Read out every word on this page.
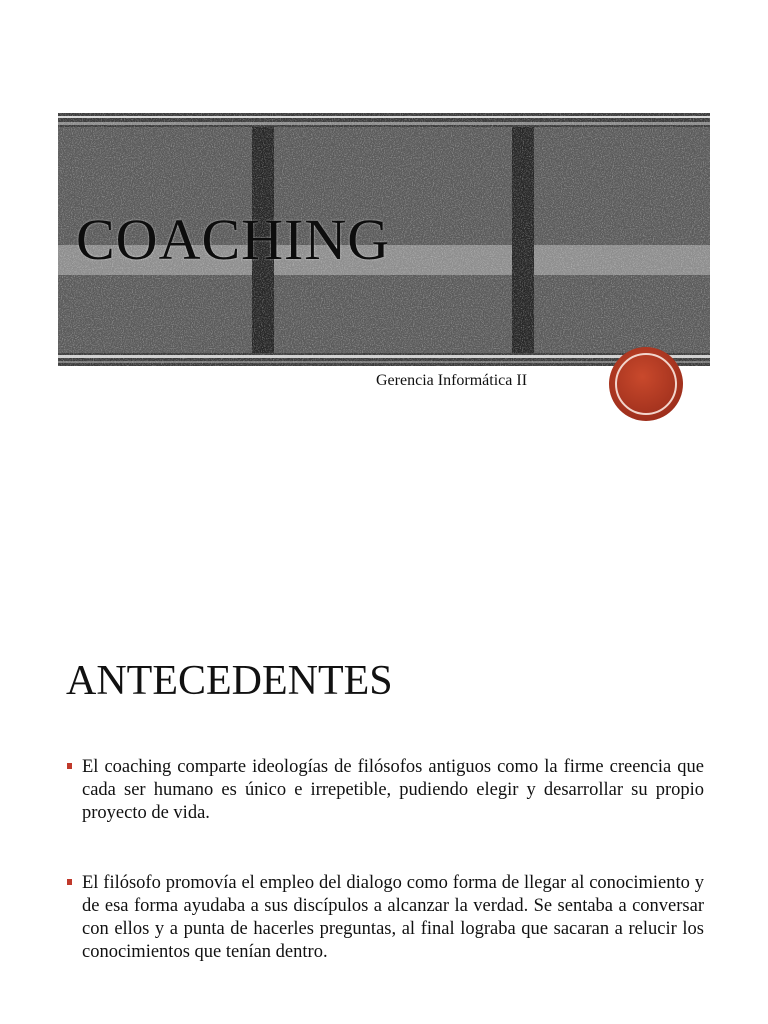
COACHING
Gerencia Informática II
ANTECEDENTES
El coaching comparte ideologías de filósofos antiguos como la firme creencia que cada ser humano es único e irrepetible, pudiendo elegir y desarrollar su propio proyecto de vida.
El filósofo promovía el empleo del dialogo como forma de llegar al conocimiento y de esa forma ayudaba a sus discípulos a alcanzar la verdad. Se sentaba a conversar con ellos y a punta de hacerles preguntas, al final lograba que sacaran a relucir los conocimientos que tenían dentro.
